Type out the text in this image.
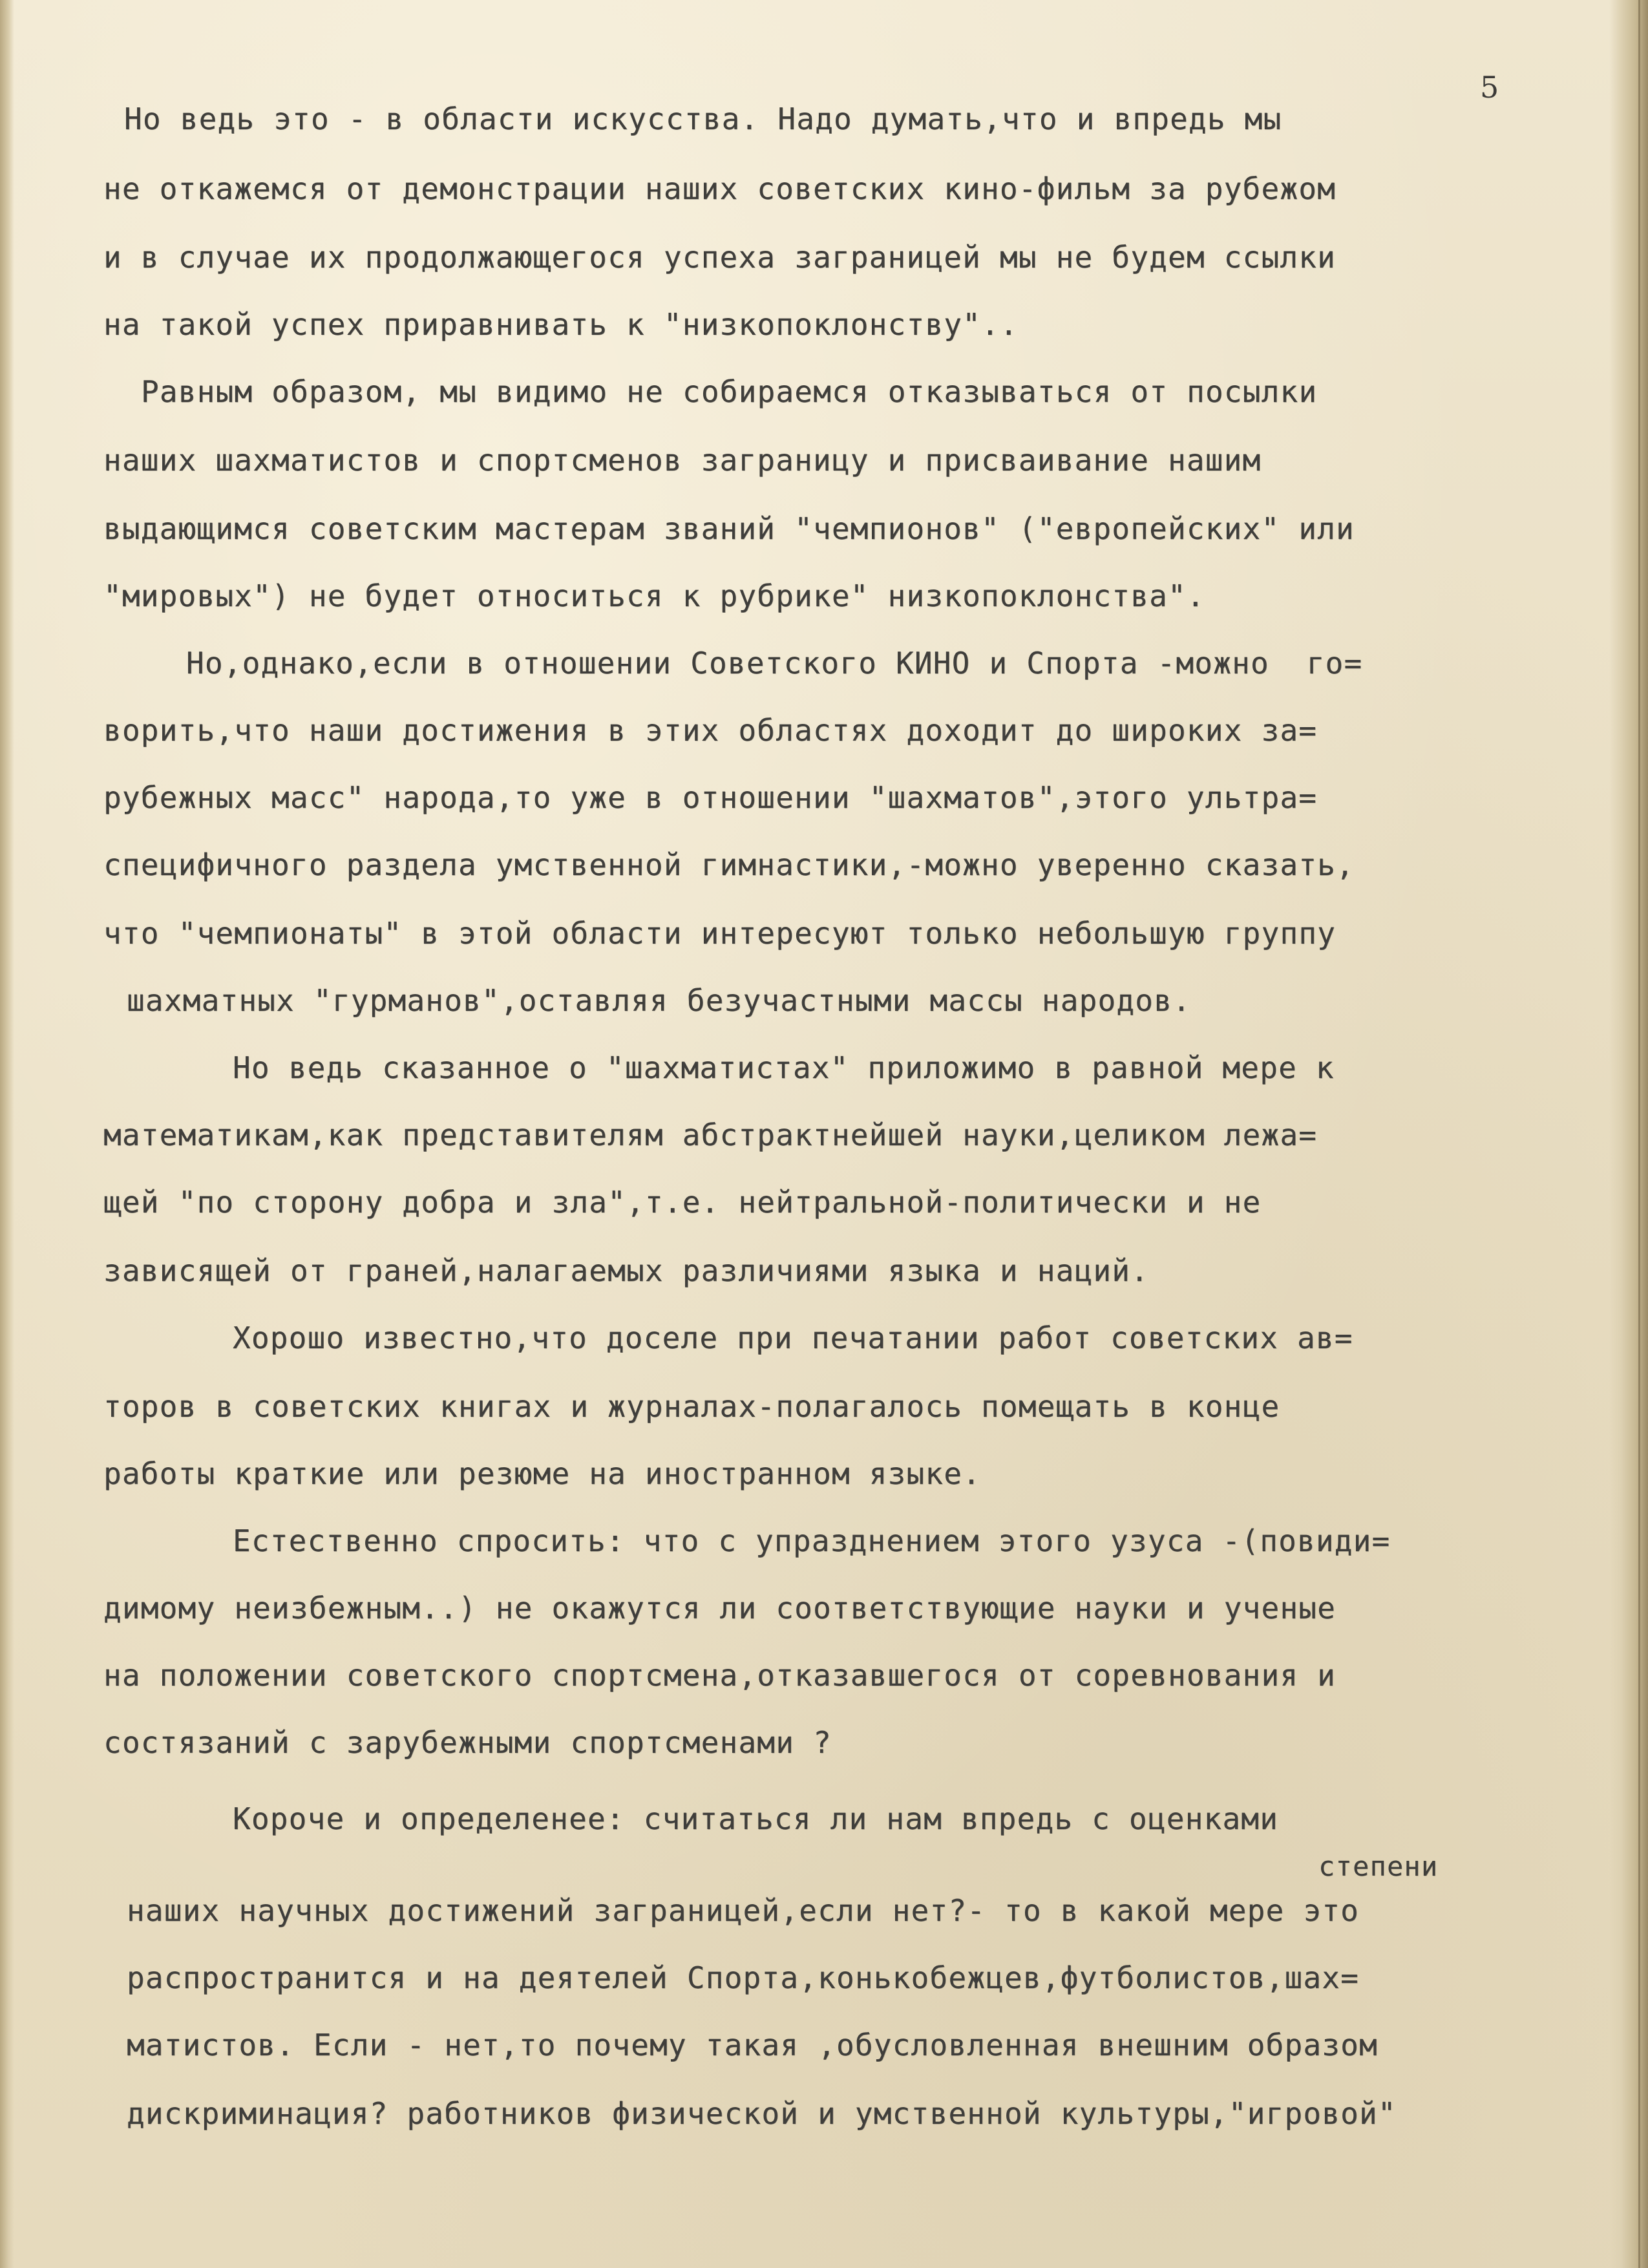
5
Но ведь это - в области искусства. Надо думать,что и впредь мы
не откажемся от демонстрации наших советских кино-фильм за рубежом
и в случае их продолжающегося успеха заграницей мы не будем ссылки
на такой успех приравнивать к "низкопоклонству"..
Равным образом, мы видимо не собираемся отказываться от посылки
наших шахматистов и спортсменов заграницу и присваивание нашим
выдающимся советским мастерам званий "чемпионов" ("европейских" или
"мировых") не будет относиться к рубрике" низкопоклонства".
Но,однако,если в отношении Советского КИНО и Спорта -можно  го=
ворить,что наши достижения в этих областях доходит до широких за=
рубежных масс" народа,то уже в отношении "шахматов",этого ультра=
специфичного раздела умственной гимнастики,-можно уверенно сказать,
что "чемпионаты" в этой области интересуют только небольшую группу
шахматных "гурманов",оставляя безучастными массы народов.
Но ведь сказанное о "шахматистах" приложимо в равной мере к
математикам,как представителям абстрактнейшей науки,целиком лежа=
щей "по сторону добра и зла",т.е. нейтральной-политически и не
зависящей от граней,налагаемых различиями языка и наций.
Хорошо известно,что доселе при печатании работ советских ав=
торов в советских книгах и журналах-полагалось помещать в конце
работы краткие или резюме на иностранном языке.
Естественно спросить: что с упразднением этого узуса -(повиди=
димому неизбежным..) не окажутся ли соответствующие науки и ученые
на положении советского спортсмена,отказавшегося от соревнования и
состязаний с зарубежными спортсменами ?
Короче и определенее: считаться ли нам впредь с оценками
степени
наших научных достижений заграницей,если нет?- то в какой мере это
распространится и на деятелей Спорта,конькобежцев,футболистов,шах=
матистов. Если - нет,то почему такая ,обусловленная внешним образом
дискриминация? работников физической и умственной культуры,"игровой"
